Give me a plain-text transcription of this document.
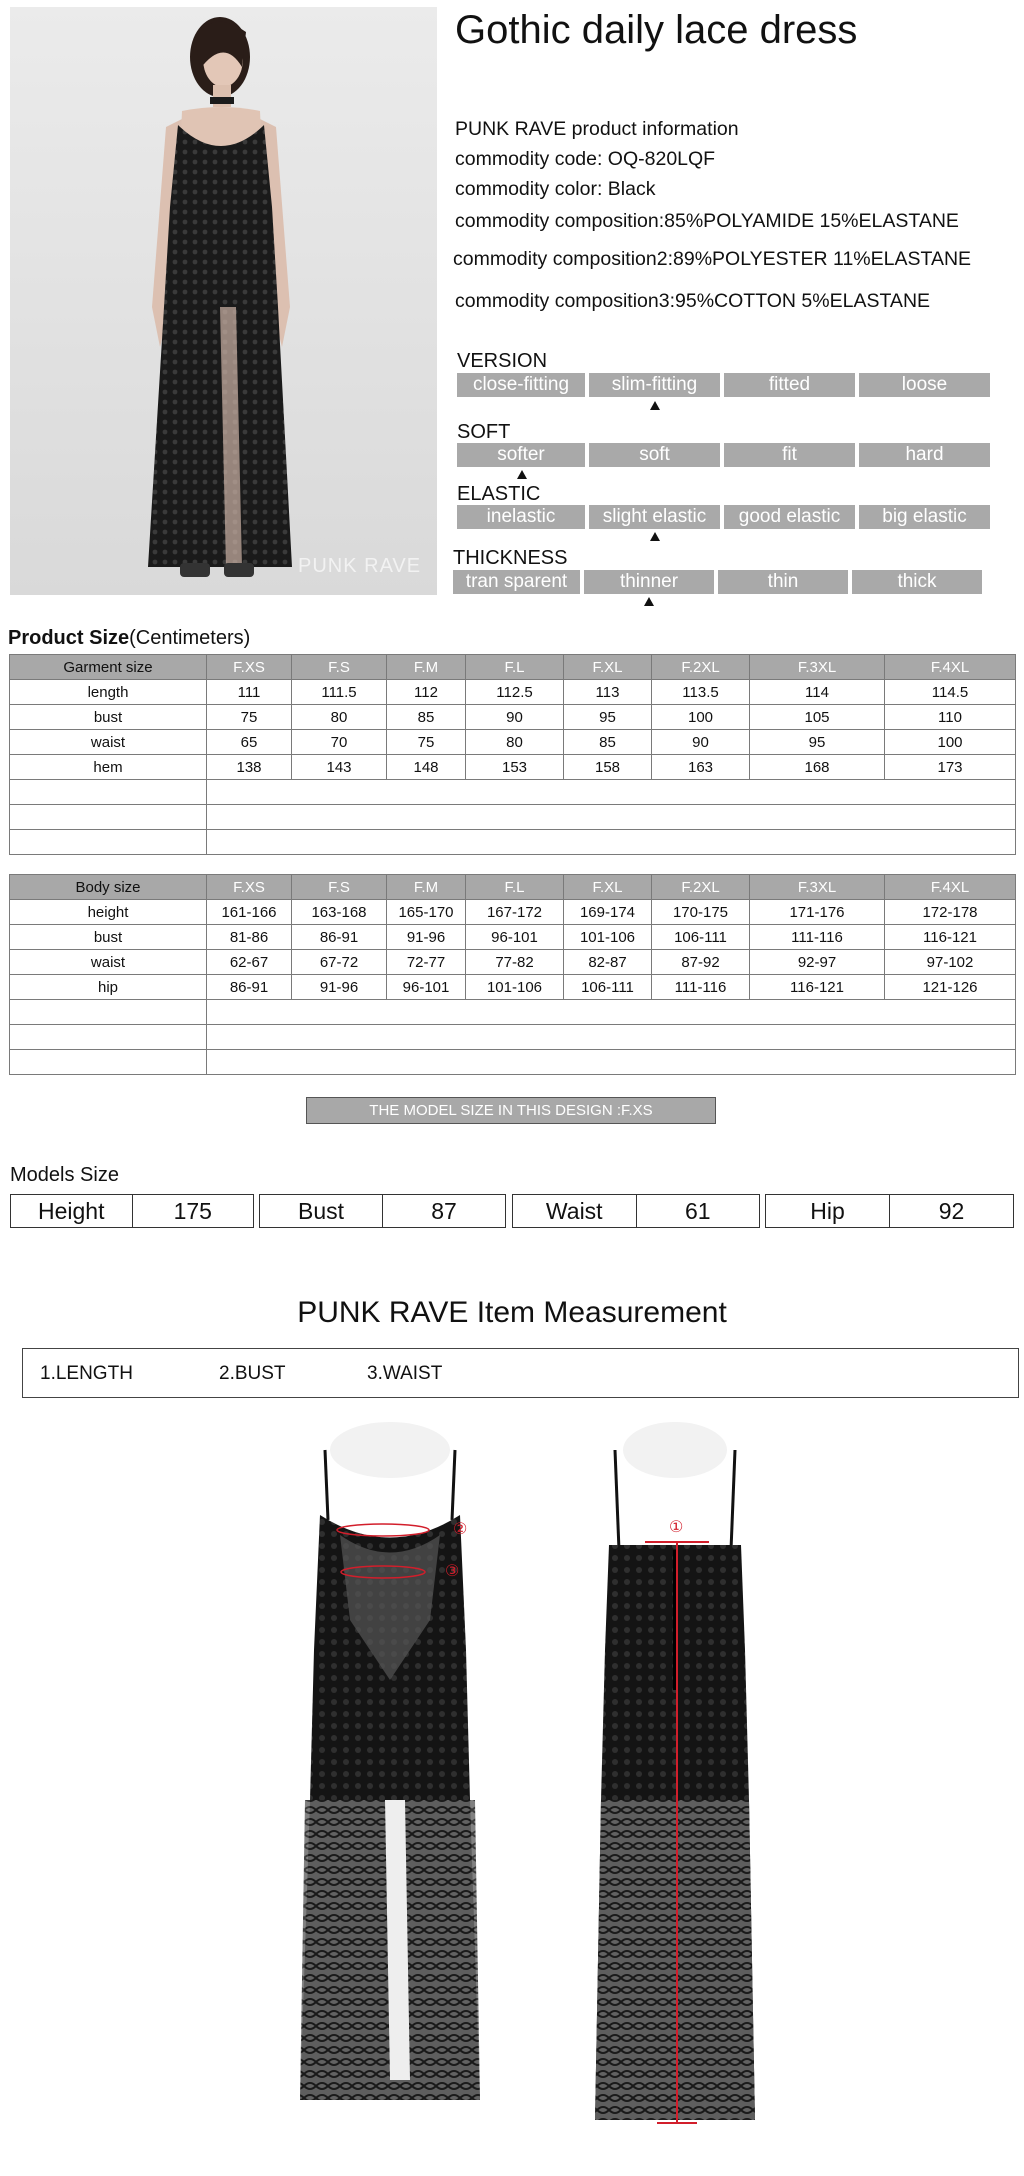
PUNK RAVE
Gothic daily lace dress
PUNK RAVE product information
commodity code: OQ-820LQF
commodity color: Black
commodity composition:85%POLYAMIDE 15%ELASTANE
commodity composition2:89%POLYESTER 11%ELASTANE
commodity composition3:95%COTTON 5%ELASTANE
VERSION
close-fitting	slim-fitting	fitted	loose
SOFT
softer	soft	fit	hard
ELASTIC
inelastic	slight elastic	good elastic	big elastic
THICKNESS
tran sparent	thinner	thin	thick
Product Size(Centimeters)
Garment size	F.XS	F.S	F.M	F.L	F.XL	F.2XL	F.3XL	F.4XL
length	111	111.5	112	112.5	113	113.5	114	114.5
bust	75	80	85	90	95	100	105	110
waist	65	70	75	80	85	90	95	100
hem	138	143	148	153	158	163	168	173

Body size	F.XS	F.S	F.M	F.L	F.XL	F.2XL	F.3XL	F.4XL
height	161-166	163-168	165-170	167-172	169-174	170-175	171-176	172-178
bust	81-86	86-91	91-96	96-101	101-106	106-111	111-116	116-121
waist	62-67	67-72	72-77	77-82	82-87	87-92	92-97	97-102
hip	86-91	91-96	96-101	101-106	106-111	111-116	116-121	121-126

THE MODEL SIZE IN THIS DESIGN :F.XS
Models Size
Height	175	Bust	87	Waist	61	Hip	92
PUNK RAVE Item Measurement
1.LENGTH	2.BUST	3.WAIST
②
③
①
